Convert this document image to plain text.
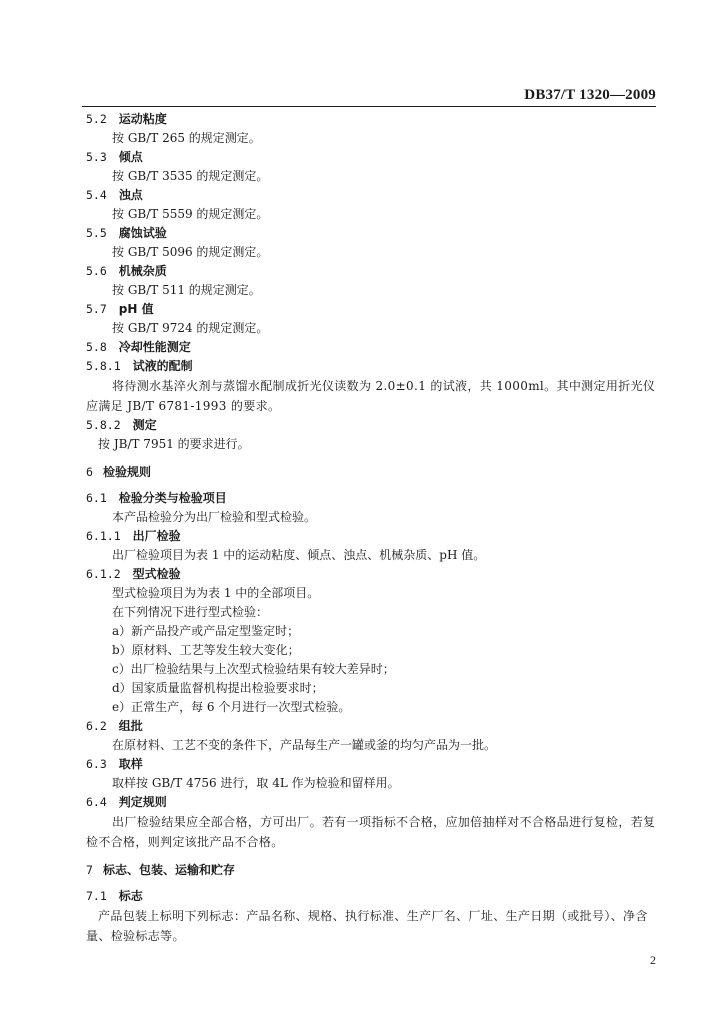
DB37/T 1320—2009
5.2 运动粘度
按 GB/T 265 的规定测定。
5.3 倾点
按 GB/T 3535 的规定测定。
5.4 浊点
按 GB/T 5559 的规定测定。
5.5 腐蚀试验
按 GB/T 5096 的规定测定。
5.6 机械杂质
按 GB/T 511 的规定测定。
5.7 pH 值
按 GB/T 9724 的规定测定。
5.8 冷却性能测定
5.8.1 试液的配制
将待测水基淬火剂与蒸馏水配制成折光仪读数为 2.0±0.1 的试液，共 1000ml。其中测定用折光仪应满足 JB/T 6781-1993 的要求。
5.8.2 测定
按 JB/T 7951 的要求进行。
6 检验规则
6.1 检验分类与检验项目
本产品检验分为出厂检验和型式检验。
6.1.1 出厂检验
出厂检验项目为表 1 中的运动粘度、倾点、浊点、机械杂质、pH 值。
6.1.2 型式检验
型式检验项目为为表 1 中的全部项目。
在下列情况下进行型式检验：
a）新产品投产或产品定型鉴定时；
b）原材料、工艺等发生较大变化；
c）出厂检验结果与上次型式检验结果有较大差异时；
d）国家质量监督机构提出检验要求时；
e）正常生产，每 6 个月进行一次型式检验。
6.2 组批
在原材料、工艺不变的条件下，产品每生产一罐或釜的均匀产品为一批。
6.3 取样
取样按 GB/T 4756 进行，取 4L 作为检验和留样用。
6.4 判定规则
出厂检验结果应全部合格，方可出厂。若有一项指标不合格，应加倍抽样对不合格品进行复检，若复检不合格，则判定该批产品不合格。
7 标志、包装、运输和贮存
7.1 标志
产品包装上标明下列标志：产品名称、规格、执行标准、生产厂名、厂址、生产日期（或批号）、净含量、检验标志等。
2
